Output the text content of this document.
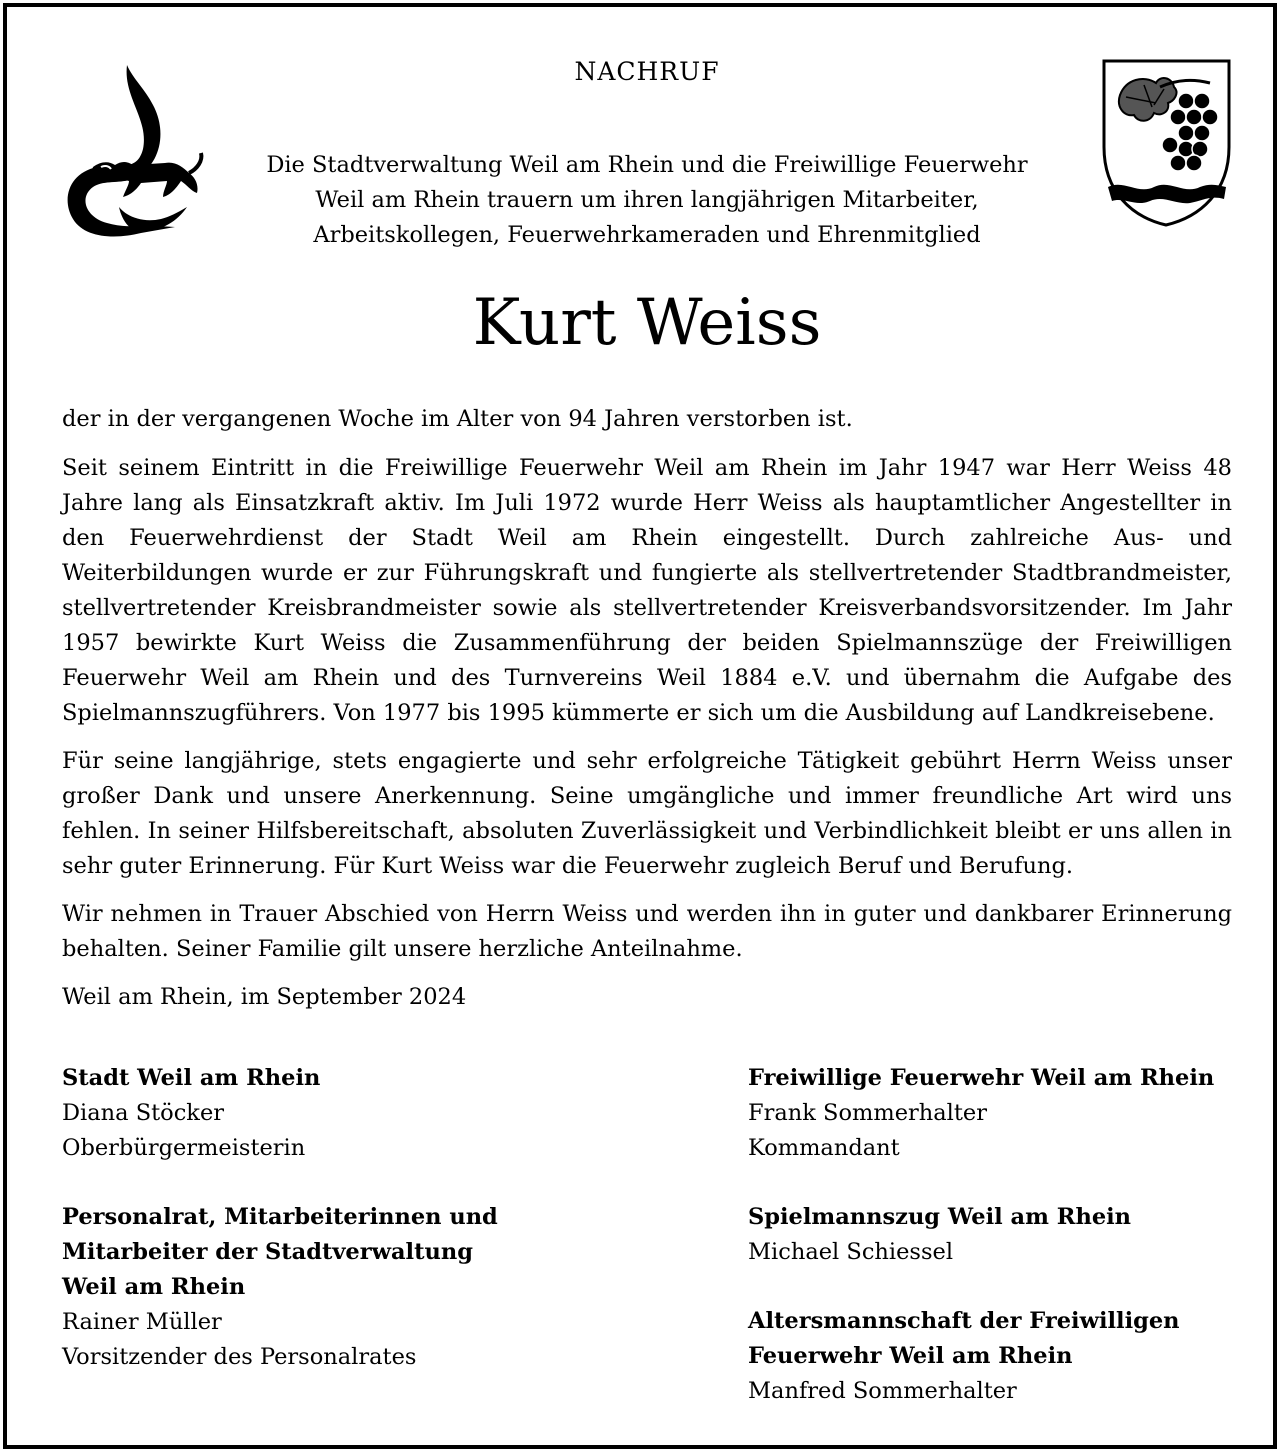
NACHRUF
Die Stadtverwaltung Weil am Rhein und die Freiwillige Feuerwehr
Weil am Rhein trauern um ihren langjährigen Mitarbeiter,
Arbeitskollegen, Feuerwehrkameraden und Ehrenmitglied
Kurt Weiss

der in der vergangenen Woche im Alter von 94 Jahren verstorben ist.

Seit seinem Eintritt in die Freiwillige Feuerwehr Weil am Rhein im Jahr 1947 war Herr Weiss 48 Jahre lang als Einsatzkraft aktiv. Im Juli 1972 wurde Herr Weiss als hauptamtlicher Angestellter in den Feuerwehrdienst der Stadt Weil am Rhein eingestellt. Durch zahlreiche Aus- und Weiterbildungen wurde er zur Führungskraft und fungierte als stellvertretender Stadtbrandmeister, stellvertretender Kreisbrandmeister sowie als stellvertretender Kreisverbandsvorsitzender. Im Jahr 1957 bewirkte Kurt Weiss die Zusammenführung der beiden Spielmannszüge der Freiwilligen Feuerwehr Weil am Rhein und des Turnvereins Weil 1884 e.V. und übernahm die Aufgabe des Spielmannszugführers. Von 1977 bis 1995 kümmerte er sich um die Ausbildung auf Landkreisebene.

Für seine langjährige, stets engagierte und sehr erfolgreiche Tätigkeit gebührt Herrn Weiss unser großer Dank und unsere Anerkennung. Seine umgängliche und immer freundliche Art wird uns fehlen. In seiner Hilfsbereitschaft, absoluten Zuverlässigkeit und Verbindlichkeit bleibt er uns allen in sehr guter Erinnerung. Für Kurt Weiss war die Feuerwehr zugleich Beruf und Berufung.

Wir nehmen in Trauer Abschied von Herrn Weiss und werden ihn in guter und dankbarer Erinnerung behalten. Seiner Familie gilt unsere herzliche Anteilnahme.

Weil am Rhein, im September 2024

Stadt Weil am Rhein
Diana Stöcker
Oberbürgermeisterin
Personalrat, Mitarbeiterinnen und
Mitarbeiter der Stadtverwaltung
Weil am Rhein
Rainer Müller
Vorsitzender des Personalrates
Freiwillige Feuerwehr Weil am Rhein
Frank Sommerhalter
Kommandant
Spielmannszug Weil am Rhein
Michael Schiessel
Altersmannschaft der Freiwilligen
Feuerwehr Weil am Rhein
Manfred Sommerhalter
